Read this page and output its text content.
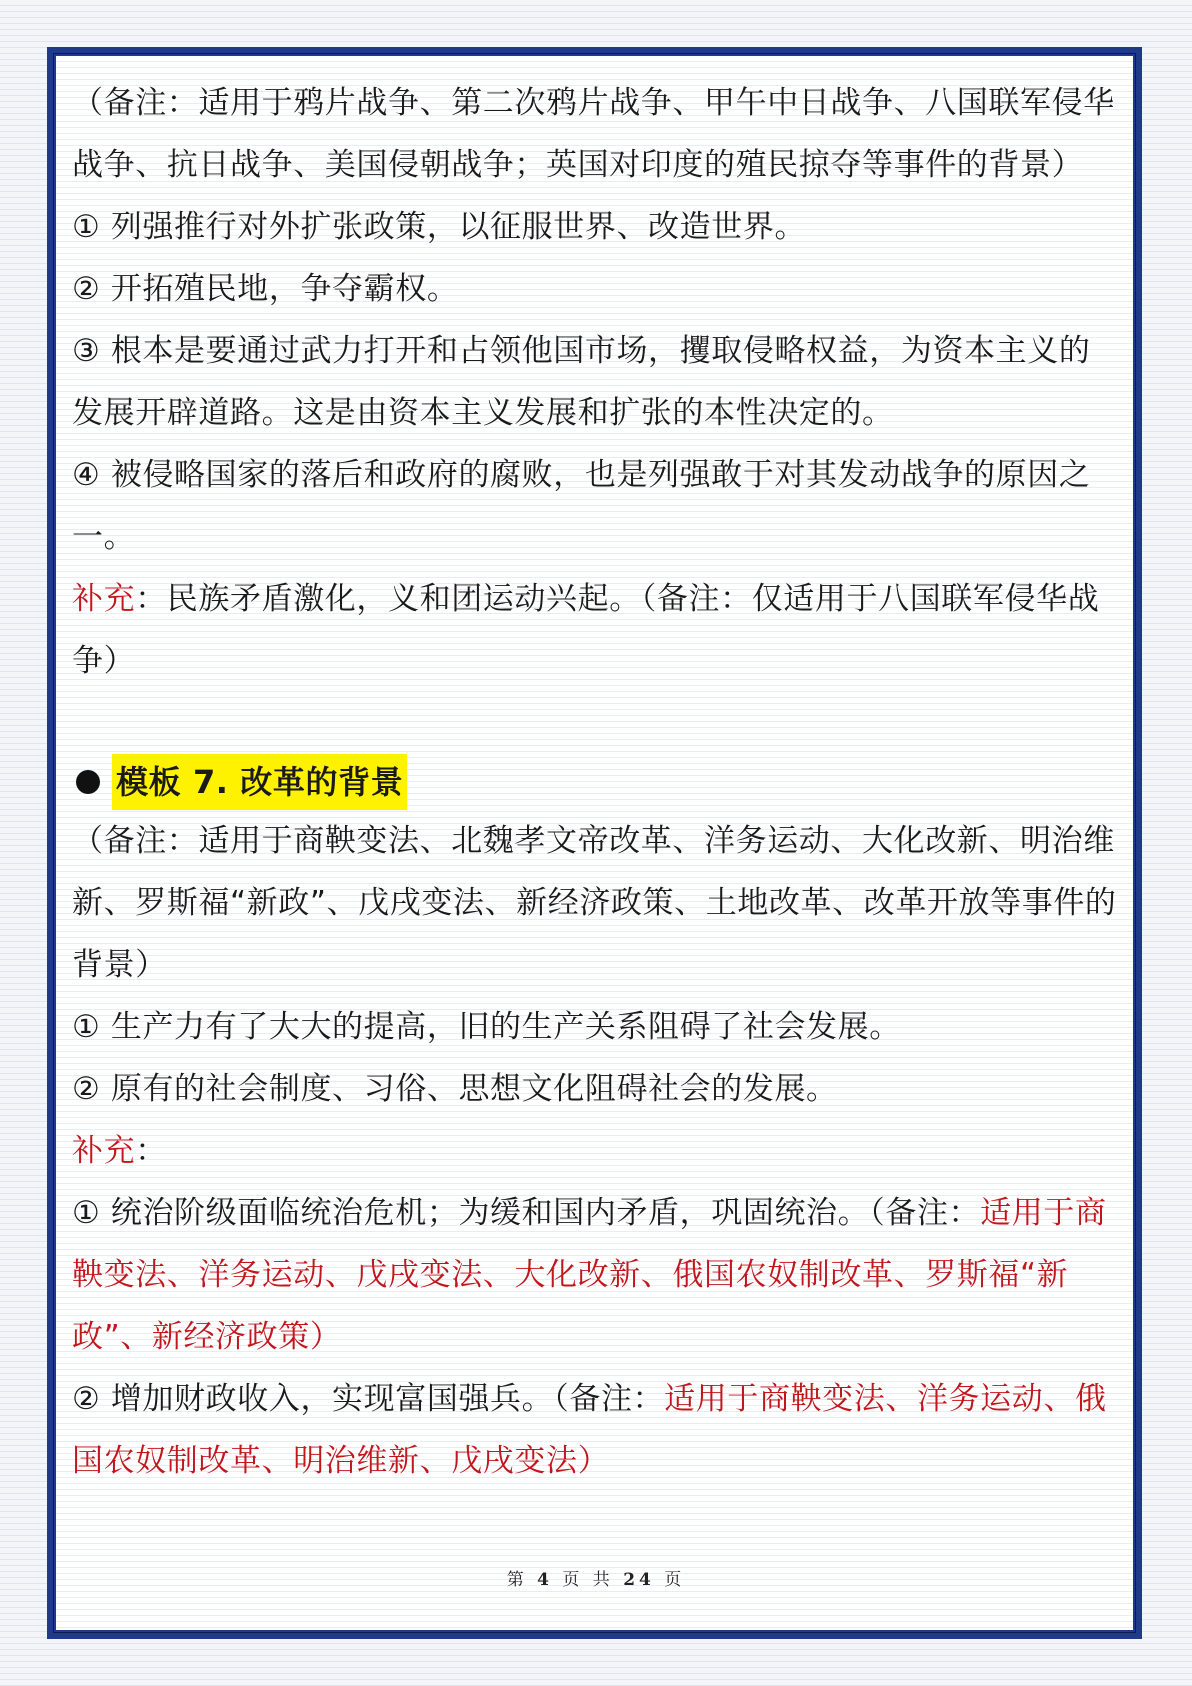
（备注：适用于鸦片战争、第二次鸦片战争、甲午中日战争、八国联军侵华战争、抗日战争、美国侵朝战争；英国对印度的殖民掠夺等事件的背景）

① 列强推行对外扩张政策，以征服世界、改造世界。

② 开拓殖民地，争夺霸权。

③ 根本是要通过武力打开和占领他国市场，攫取侵略权益，为资本主义的发展开辟道路。这是由资本主义发展和扩张的本性决定的。

④ 被侵略国家的落后和政府的腐败，也是列强敢于对其发动战争的原因之一。

补充：民族矛盾激化，义和团运动兴起。（备注：仅适用于八国联军侵华战争）

模板 7. 改革的背景

（备注：适用于商鞅变法、北魏孝文帝改革、洋务运动、大化改新、明治维新、罗斯福“新政”、戊戌变法、新经济政策、土地改革、改革开放等事件的背景）

① 生产力有了大大的提高，旧的生产关系阻碍了社会发展。

② 原有的社会制度、习俗、思想文化阻碍社会的发展。

补充：

① 统治阶级面临统治危机；为缓和国内矛盾，巩固统治。（备注：适用于商鞅变法、洋务运动、戊戌变法、大化改新、俄国农奴制改革、罗斯福“新政”、新经济政策）

② 增加财政收入，实现富国强兵。（备注：适用于商鞅变法、洋务运动、俄国农奴制改革、明治维新、戊戌变法）

第 4 页 共 24 页
